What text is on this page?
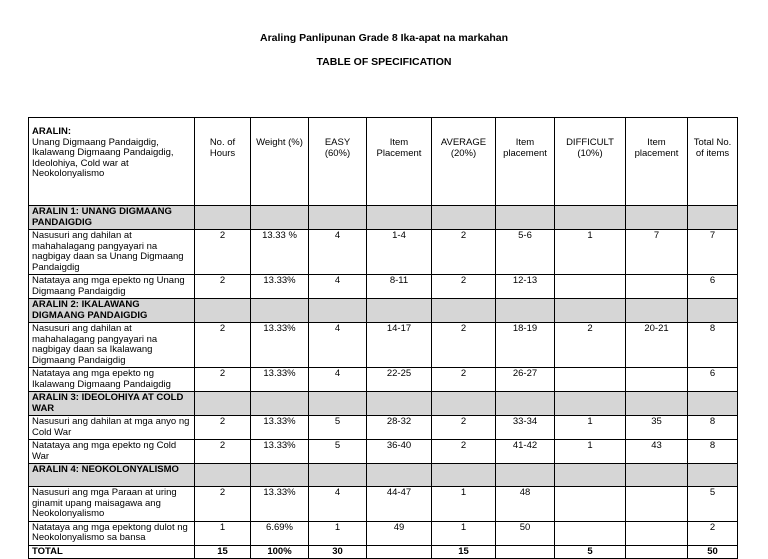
Araling Panlipunan Grade 8 Ika-apat na markahan
TABLE OF SPECIFICATION
ARALIN:
Unang Digmaang Pandaigdig, Ikalawang Digmaang Pandaigdig, Ideolohiya, Cold war at Neokolonyalismo	No. of Hours	Weight (%)	EASY (60%)	Item Placement	AVERAGE (20%)	Item placement	DIFFICULT (10%)	Item placement	Total No. of items
ARALIN 1: UNANG DIGMAANG PANDAIGDIG									
Nasusuri ang dahilan at mahahalagang pangyayari na nagbigay daan sa Unang Digmaang Pandaigdig	2	13.33 %	4	1-4	2	5-6	1	7	7
Natataya ang mga epekto ng Unang Digmaang Pandaigdig	2	13.33%	4	8-11	2	12-13			6
ARALIN 2: IKALAWANG DIGMAANG PANDAIGDIG									
Nasusuri ang dahilan at mahahalagang pangyayari na nagbigay daan sa Ikalawang Digmaang Pandaigdig	2	13.33%	4	14-17	2	18-19	2	20-21	8
Natataya ang mga epekto ng Ikalawang Digmaang Pandaigdig	2	13.33%	4	22-25	2	26-27			6
ARALIN 3: IDEOLOHIYA AT COLD WAR									
Nasusuri ang dahilan at mga anyo ng Cold War	2	13.33%	5	28-32	2	33-34	1	35	8
Natataya ang mga epekto ng Cold War	2	13.33%	5	36-40	2	41-42	1	43	8
ARALIN 4: NEOKOLONYALISMO									
Nasusuri ang mga Paraan at uring ginamit upang maisagawa ang Neokolonyalismo	2	13.33%	4	44-47	1	48			5
Natataya ang mga epektong dulot ng Neokolonyalismo sa bansa	1	6.69%	1	49	1	50			2
TOTAL	15	100%	30		15		5		50
